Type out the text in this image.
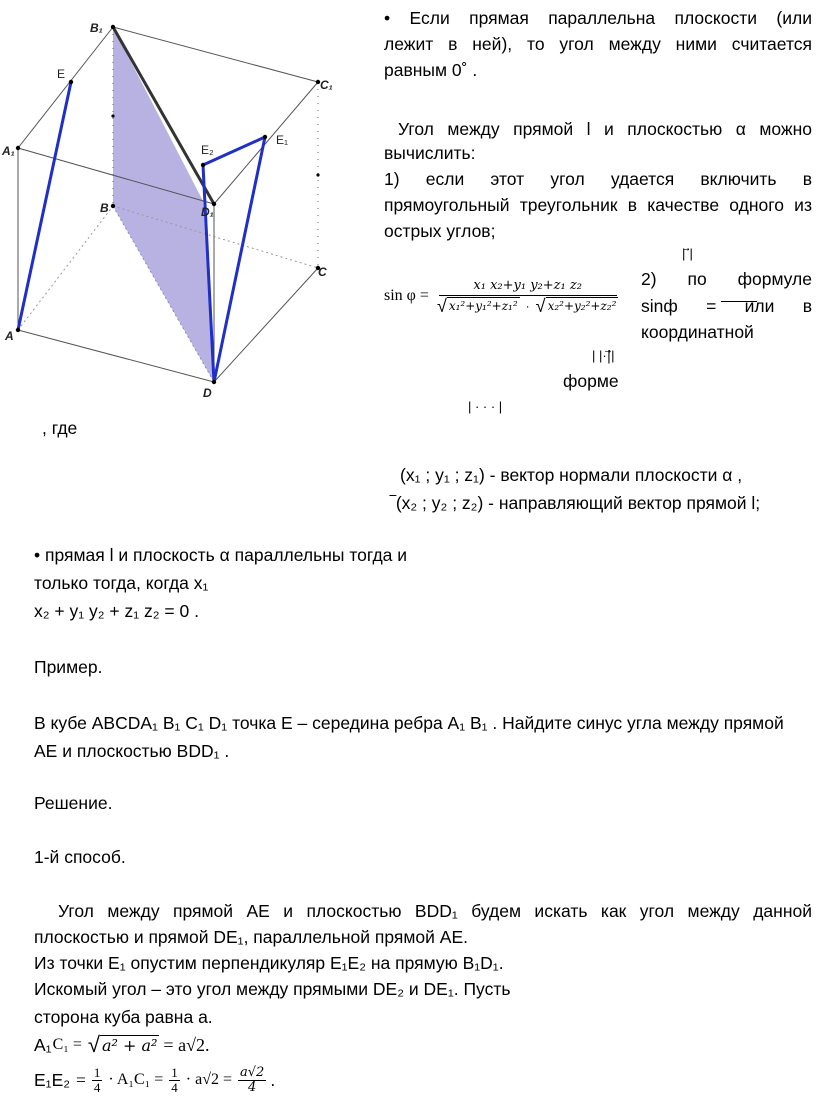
B₁
C₁
A₁
B	D₁
C
A
D
E
E₁
E₂
• Если прямая параллельна плоскости (или
лежит в ней), то угол между ними считается
равным 0˚ .
Угол между прямой l и плоскостью α можно
вычислить:
1) если этот угол удается включить в
прямоугольный треугольник в качестве одного из
острых углов;
| ⃗|
sin φ =
x₁ x₂+y₁ y₂+z₁ z₂
√ x₁²+y₁²+z₁² · √ x₂²+y₂²+z₂²
2) по формуле
sinф = или в
координатной
| |·|⃗|
форме
| · · · |
, где
(x₁ ; y₁ ; z₁) - вектор нормали плоскости α ,
‾(x₂ ; y₂ ; z₂) - направляющий вектор прямой l;
• прямая l и плоскость α параллельны тогда и
только тогда, когда x₁
x₂ + y₁ y₂ + z₁ z₂ = 0 .
Пример.
В кубе ABCDA₁ B₁ C₁ D₁ точка E – середина ребра A₁ B₁ . Найдите синус угла между прямой
AE и плоскостью BDD₁ .
Решение.
1-й способ.
Угол между прямой AE и плоскостью BDD₁ будем искать как угол между данной
плоскостью и прямой DE₁, параллельной прямой AE.
Из точки E₁ опустим перпендикуляр E₁E₂ на прямую B₁D₁.
Искомый угол – это угол между прямыми DE₂ и DE₁. Пусть
сторона куба равна a.
A₁ C₁ = √ a² + a² = a√2.
$E_1E_2 = \frac{1}{4} \cdot A_1C_1 = \frac{1}{4} \cdot a√2 = \frac{a√2}{4}$ .
